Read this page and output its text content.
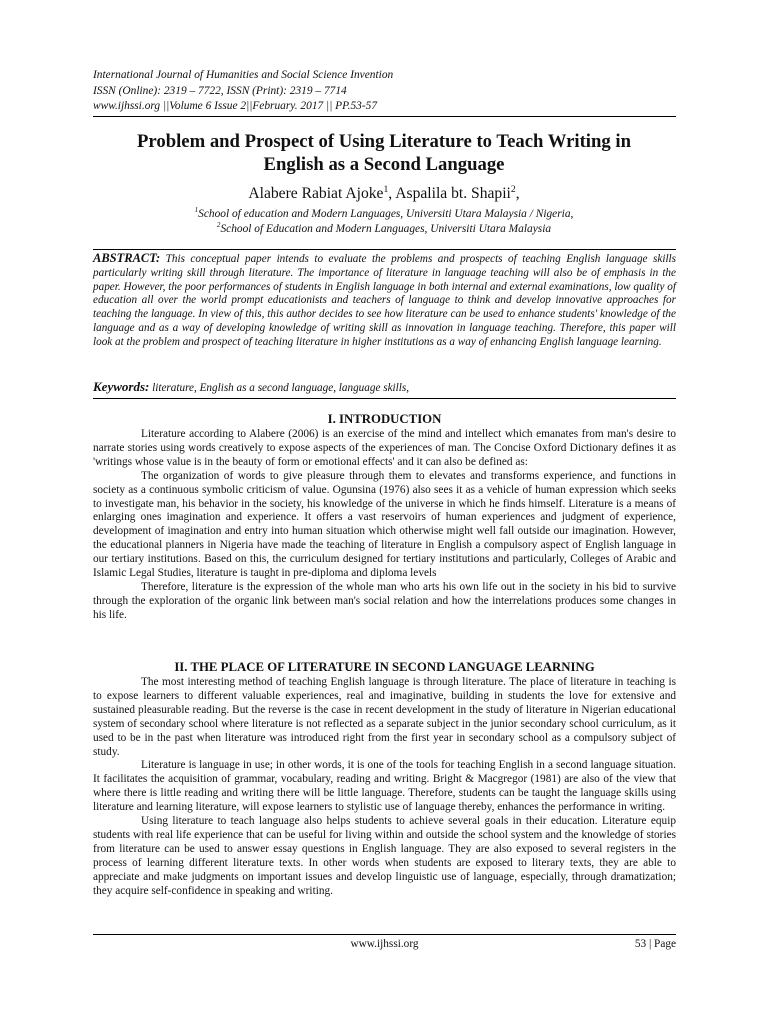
International Journal of Humanities and Social Science Invention
ISSN (Online): 2319 – 7722, ISSN (Print): 2319 – 7714
www.ijhssi.org ||Volume 6 Issue 2||February. 2017 || PP.53-57
Problem and Prospect of Using Literature to Teach Writing in
English as a Second Language
Alabere Rabiat Ajoke$^1$, Aspalila bt. Shapii$^2$,
$^1$School of education and Modern Languages, Universiti Utara Malaysia / Nigeria,
$^2$School of Education and Modern Languages, Universiti Utara Malaysia
ABSTRACT: This conceptual paper intends to evaluate the problems and prospects of teaching English language skills particularly writing skill through literature. The importance of literature in language teaching will also be of emphasis in the paper. However, the poor performances of students in English language in both internal and external examinations, low quality of education all over the world prompt educationists and teachers of language to think and develop innovative approaches for teaching the language. In view of this, this author decides to see how literature can be used to enhance students' knowledge of the language and as a way of developing knowledge of writing skill as innovation in language teaching. Therefore, this paper will look at the problem and prospect of teaching literature in higher institutions as a way of enhancing English language learning.
Keywords: literature, English as a second language, language skills,
I. INTRODUCTION

Literature according to Alabere (2006) is an exercise of the mind and intellect which emanates from man's desire to narrate stories using words creatively to expose aspects of the experiences of man. The Concise Oxford Dictionary defines it as 'writings whose value is in the beauty of form or emotional effects' and it can also be defined as:

The organization of words to give pleasure through them to elevates and transforms experience, and functions in society as a continuous symbolic criticism of value. Ogunsina (1976) also sees it as a vehicle of human expression which seeks to investigate man, his behavior in the society, his knowledge of the universe in which he finds himself. Literature is a means of enlarging ones imagination and experience. It offers a vast reservoirs of human experiences and judgment of experience, development of imagination and entry into human situation which otherwise might well fall outside our imagination. However, the educational planners in Nigeria have made the teaching of literature in English a compulsory aspect of English language in our tertiary institutions. Based on this, the curriculum designed for tertiary institutions and particularly, Colleges of Arabic and Islamic Legal Studies, literature is taught in pre-diploma and diploma levels

Therefore, literature is the expression of the whole man who arts his own life out in the society in his bid to survive through the exploration of the organic link between man's social relation and how the interrelations produces some changes in his life.

II. THE PLACE OF LITERATURE IN SECOND LANGUAGE LEARNING

The most interesting method of teaching English language is through literature. The place of literature in teaching is to expose learners to different valuable experiences, real and imaginative, building in students the love for extensive and sustained pleasurable reading. But the reverse is the case in recent development in the study of literature in Nigerian educational system of secondary school where literature is not reflected as a separate subject in the junior secondary school curriculum, as it used to be in the past when literature was introduced right from the first year in secondary school as a compulsory subject of study.

Literature is language in use; in other words, it is one of the tools for teaching English in a second language situation. It facilitates the acquisition of grammar, vocabulary, reading and writing. Bright & Macgregor (1981) are also of the view that where there is little reading and writing there will be little language. Therefore, students can be taught the language skills using literature and learning literature, will expose learners to stylistic use of language thereby, enhances the performance in writing.

Using literature to teach language also helps students to achieve several goals in their education. Literature equip students with real life experience that can be useful for living within and outside the school system and the knowledge of stories from literature can be used to answer essay questions in English language. They are also exposed to several registers in the process of learning different literature texts. In other words when students are exposed to literary texts, they are able to appreciate and make judgments on important issues and develop linguistic use of language, especially, through dramatization; they acquire self-confidence in speaking and writing.

www.ijhssi.org	53 | Page
